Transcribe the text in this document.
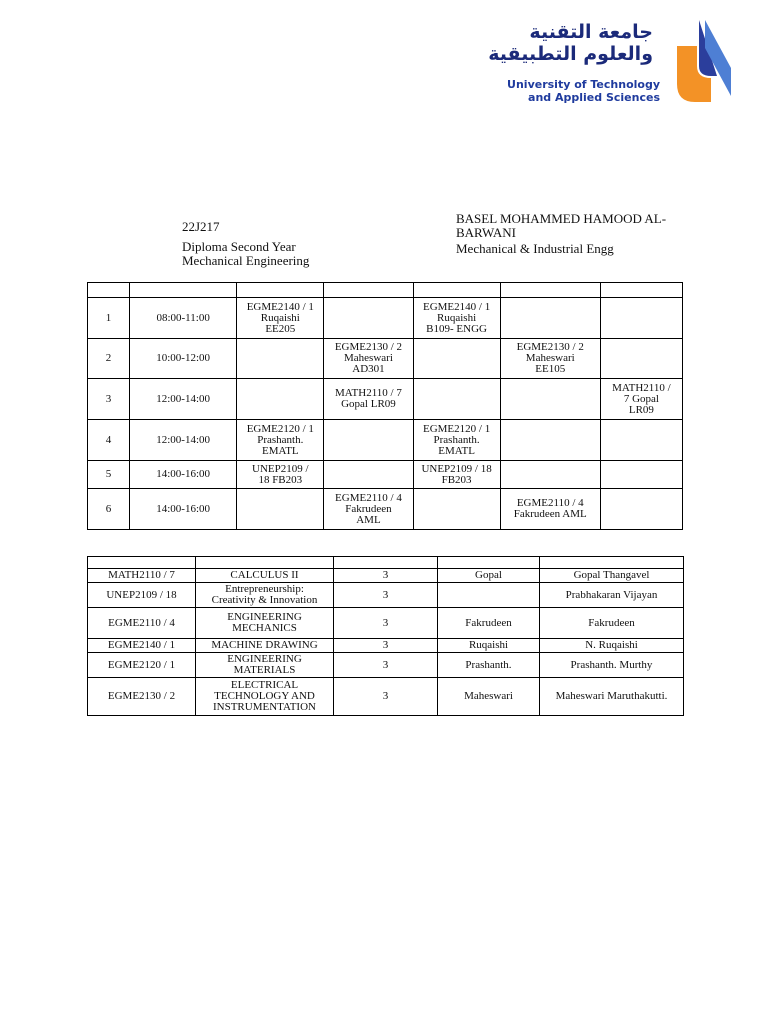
جامعة التقنية
والعلوم التطبيقية
University of Technology
and Applied Sciences
22J217
Diploma Second Year
Mechanical Engineering
BASEL MOHAMMED HAMOOD AL-BARWANI
Mechanical & Industrial Engg

1	08:00-11:00	EGME2140 / 1
Ruqaishi
EE205		EGME2140 / 1
Ruqaishi
B109- ENGG		
2	10:00-12:00		EGME2130 / 2
Maheswari
AD301		EGME2130 / 2
Maheswari
EE105	
3	12:00-14:00		MATH2110 / 7
Gopal LR09			MATH2110 /
7 Gopal
LR09
4	12:00-14:00	EGME2120 / 1
Prashanth.
EMATL		EGME2120 / 1
Prashanth.
EMATL		
5	14:00-16:00	UNEP2109 /
18 FB203		UNEP2109 / 18
FB203		
6	14:00-16:00		EGME2110 / 4
Fakrudeen
AML		EGME2110 / 4
Fakrudeen AML	

MATH2110 / 7	CALCULUS II	3	Gopal	Gopal Thangavel
UNEP2109 / 18	Entrepreneurship:
Creativity & Innovation	3		Prabhakaran Vijayan
EGME2110 / 4	ENGINEERING
MECHANICS	3	Fakrudeen	Fakrudeen
EGME2140 / 1	MACHINE DRAWING	3	Ruqaishi	N. Ruqaishi
EGME2120 / 1	ENGINEERING
MATERIALS	3	Prashanth.	Prashanth. Murthy
EGME2130 / 2	ELECTRICAL
TECHNOLOGY AND
INSTRUMENTATION	3	Maheswari	Maheswari Maruthakutti.
